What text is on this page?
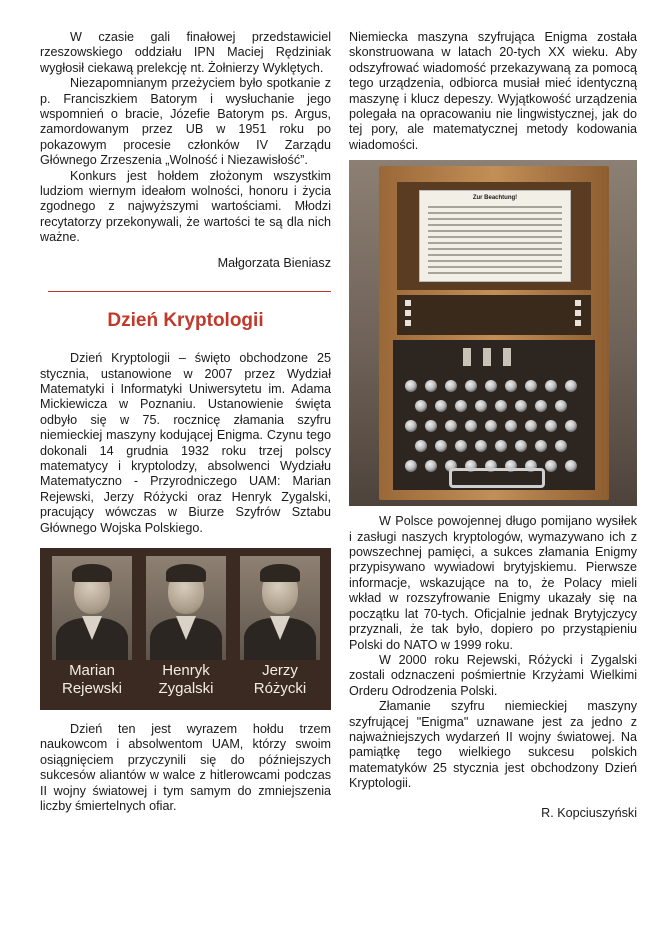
W czasie gali finałowej przedstawiciel rzeszowskiego oddziału IPN Maciej Rędziniak wygłosił ciekawą prelekcję nt. Żołnierzy Wyklętych.

Niezapomnianym przeżyciem było spotkanie z p. Franciszkiem Batorym i wysłuchanie jego wspomnień o bracie, Józefie Batorym ps. Argus, zamordowanym przez UB w 1951 roku po pokazowym procesie członków IV Zarządu Głównego Zrzeszenia „Wolność i Niezawisłość”.

Konkurs jest hołdem złożonym wszystkim ludziom wiernym ideałom wolności, honoru i życia zgodnego z najwyższymi wartościami. Młodzi recytatorzy przekonywali, że wartości te są dla nich ważne.

Małgorzata Bieniasz

Dzień Kryptologii

Dzień Kryptologii – święto obchodzone 25 stycznia, ustanowione w 2007 przez Wydział Matematyki i Informatyki Uniwersytetu im. Adama Mickiewicza w Poznaniu. Ustanowienie święta odbyło się w 75. rocznicę złamania szyfru niemieckiej maszyny kodującej Enigma. Czynu tego dokonali 14 grudnia 1932 roku trzej polscy matematycy i kryptolodzy, absolwenci Wydziału Matematyczno - Przyrodniczego UAM: Marian Rejewski, Jerzy Różycki oraz Henryk Zygalski, pracujący wówczas w Biurze Szyfrów Sztabu Głównego Wojska Polskiego.

Marian
Rejewski
Henryk
Zygalski
Jerzy
Różycki

Dzień ten jest wyrazem hołdu trzem naukowcom i absolwentom UAM, którzy swoim osiągnięciem przyczynili się do późniejszych sukcesów aliantów w walce z hitlerowcami podczas II wojny światowej i tym samym do zmniejszenia liczby śmiertelnych ofiar.

Niemiecka maszyna szyfrująca Enigma została skonstruowana w latach 20-tych XX wieku. Aby odszyfrować wiadomość przekazywaną za pomocą tego urządzenia, odbiorca musiał mieć identyczną maszynę i klucz depeszy. Wyjątkowość urządzenia polegała na opracowaniu nie lingwistycznej, jak do tej pory, ale matematycznej metody kodowania wiadomości.

Zur Beachtung!

W Polsce powojennej długo pomijano wysiłek i zasługi naszych kryptologów, wymazywano ich z powszechnej pamięci, a sukces złamania Enigmy przypisywano wywiadowi brytyjskiemu. Pierwsze informacje, wskazujące na to, że Polacy mieli wkład w rozszyfrowanie Enigmy ukazały się na początku lat 70-tych. Oficjalnie jednak Brytyjczycy przyznali, że tak było, dopiero po przystąpieniu Polski do NATO w 1999 roku.

W 2000 roku Rejewski, Różycki i Zygalski zostali odznaczeni pośmiertnie Krzyżami Wielkimi Orderu Odrodzenia Polski.

Złamanie szyfru niemieckiej maszyny szyfrującej "Enigma" uznawane jest za jedno z najważniejszych wydarzeń II wojny światowej. Na pamiątkę tego wielkiego sukcesu polskich matematyków 25 stycznia jest obchodzony Dzień Kryptologii.

R. Kopciuszyński
